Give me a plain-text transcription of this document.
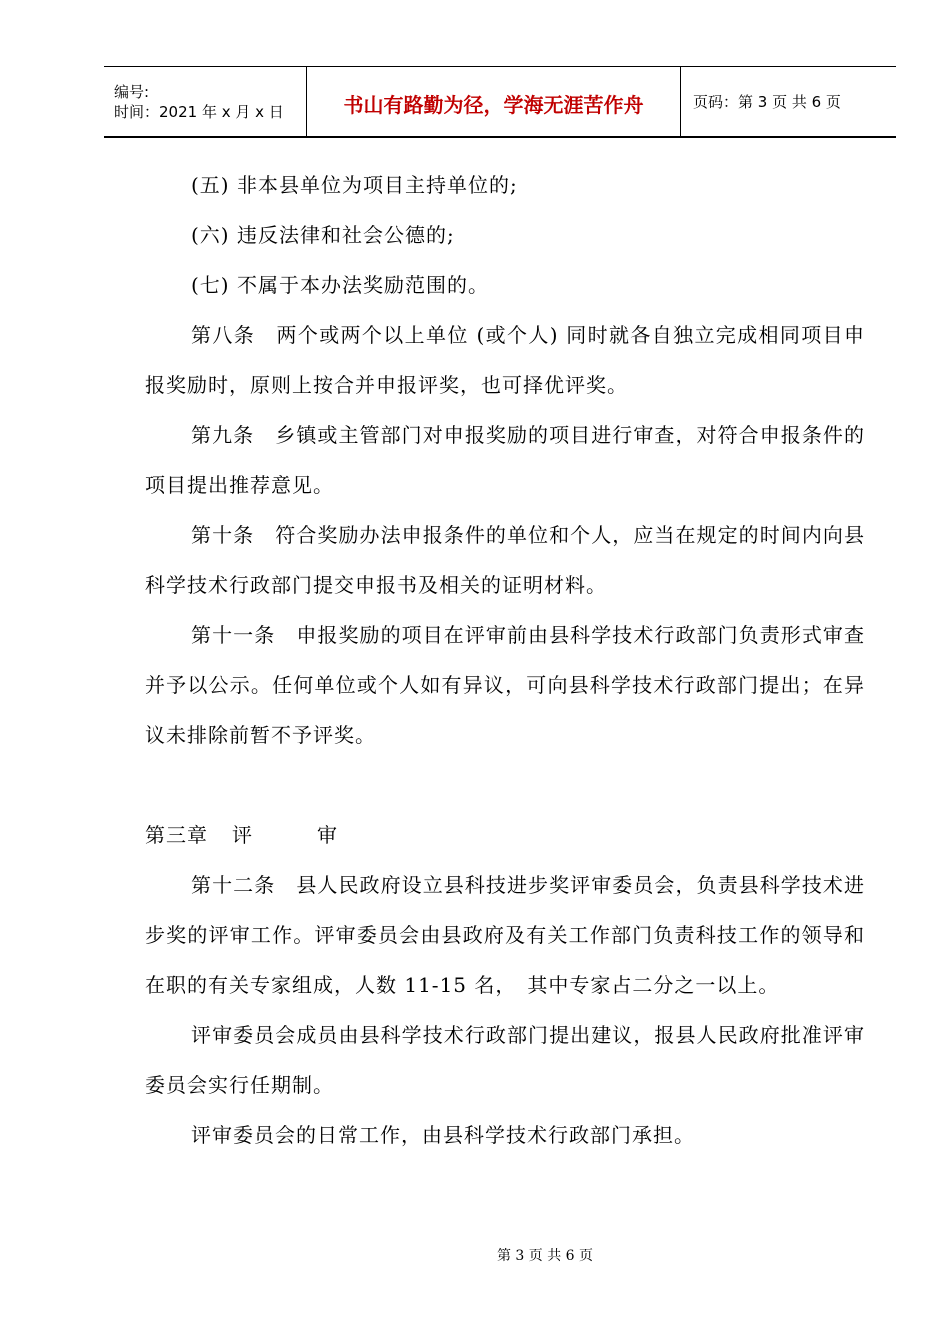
编号:
时间：2021 年 x 月 x 日	书山有路勤为径，学海无涯苦作舟	页码：第 3 页 共 6 页

(五) 非本县单位为项目主持单位的;

(六) 违反法律和社会公德的;

(七) 不属于本办法奖励范围的。

第八条　两个或两个以上单位 (或个人) 同时就各自独立完成相同项目申报奖励时，原则上按合并申报评奖，也可择优评奖。

第九条　乡镇或主管部门对申报奖励的项目进行审查，对符合申报条件的项目提出推荐意见。

第十条　符合奖励办法申报条件的单位和个人，应当在规定的时间内向县科学技术行政部门提交申报书及相关的证明材料。

第十一条　申报奖励的项目在评审前由县科学技术行政部门负责形式审查并予以公示。任何单位或个人如有异议，可向县科学技术行政部门提出；在异议未排除前暂不予评奖。

第三章 评	审

第十二条　县人民政府设立县科技进步奖评审委员会，负责县科学技术进步奖的评审工作。评审委员会由县政府及有关工作部门负责科技工作的领导和在职的有关专家组成，人数 11-15 名，　其中专家占二分之一以上。

评审委员会成员由县科学技术行政部门提出建议，报县人民政府批准评审委员会实行任期制。

评审委员会的日常工作，由县科学技术行政部门承担。

第 3 页 共 6 页
